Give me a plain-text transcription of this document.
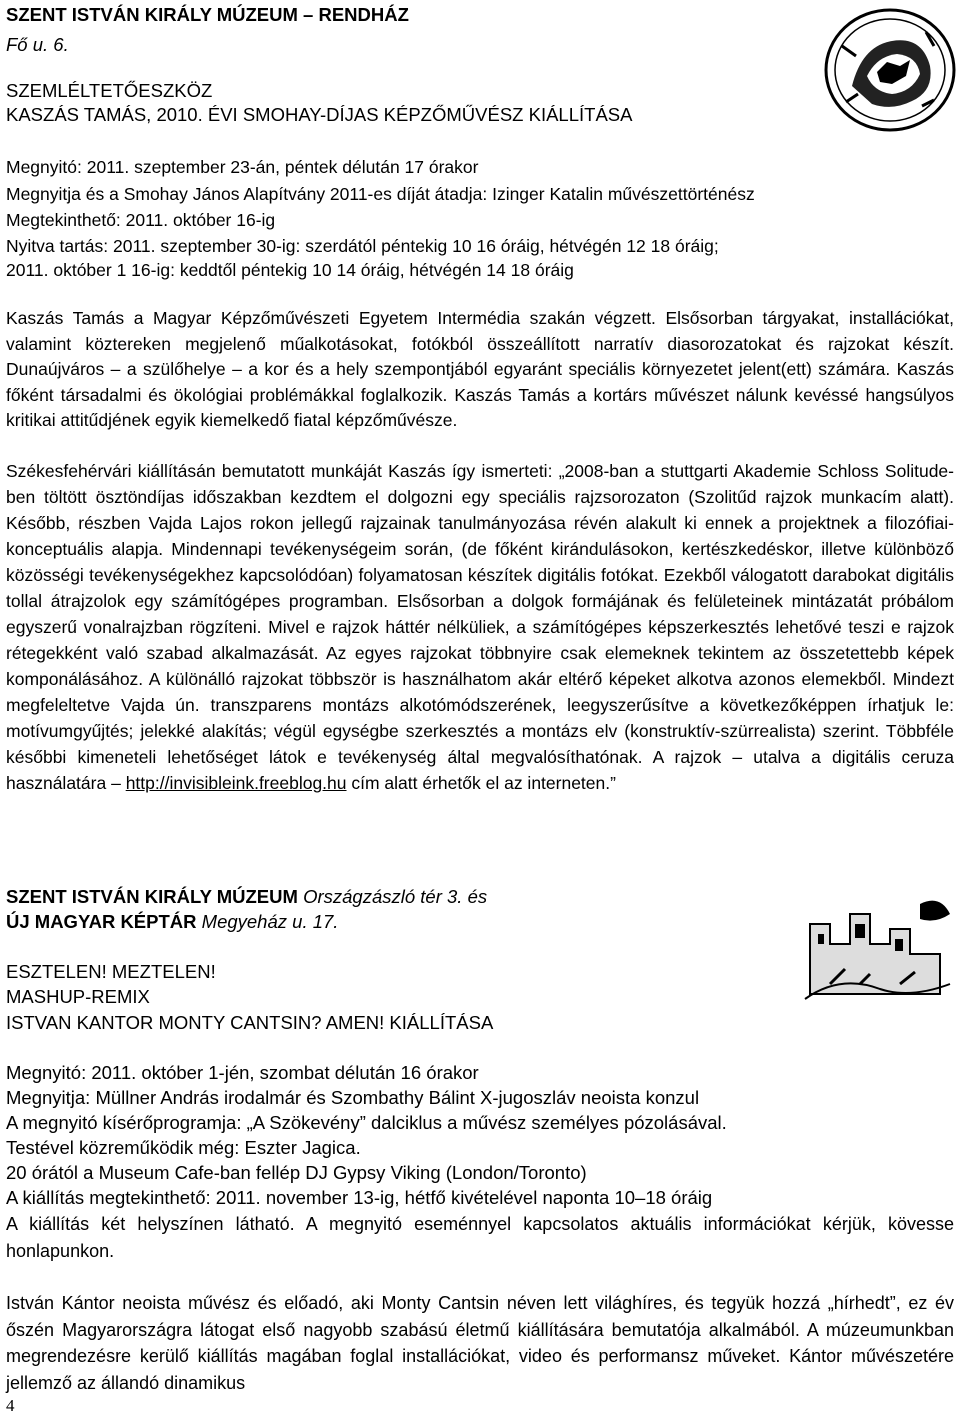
SZENT ISTVÁN KIRÁLY MÚZEUM – RENDHÁZ
Fő u. 6.
SZEMLÉLTETŐESZKÖZ
KASZÁS TAMÁS, 2010. ÉVI SMOHAY-DÍJAS KÉPZŐMŰVÉSZ KIÁLLÍTÁSA
Megnyitó: 2011. szeptember 23-án, péntek délután 17 órakor
Megnyitja és a Smohay János Alapítvány 2011-es díját átadja: Izinger Katalin művészettörténész
Megtekinthető: 2011. október 16-ig
Nyitva tartás: 2011. szeptember 30-ig: szerdától péntekig 10 16 óráig, hétvégén 12 18 óráig;
2011. október 1 16-ig: keddtől péntekig 10 14 óráig, hétvégén 14 18 óráig
Kaszás Tamás a Magyar Képzőművészeti Egyetem Intermédia szakán végzett. Elsősorban tárgyakat, installációkat, valamint köztereken megjelenő műalkotásokat, fotókból összeállított narratív diasorozatokat és rajzokat készít. Dunaújváros – a szülőhelye – a kor és a hely szempontjából egyaránt speciális környezetet jelent(ett) számára. Kaszás főként társadalmi és ökológiai problémákkal foglalkozik. Kaszás Tamás a kortárs művészet nálunk kevéssé hangsúlyos kritikai attitűdjének egyik kiemelkedő fiatal képzőművésze.
Székesfehérvári kiállításán bemutatott munkáját Kaszás így ismerteti: „2008-ban a stuttgarti Akademie Schloss Solitude-ben töltött ösztöndíjas időszakban kezdtem el dolgozni egy speciális rajzsorozaton (Szolitűd rajzok munkacím alatt). Később, részben Vajda Lajos rokon jellegű rajzainak tanulmányozása révén alakult ki ennek a projektnek a filozófiai-konceptuális alapja. Mindennapi tevékenységeim során, (de főként kirándulásokon, kertészkedéskor, illetve különböző közösségi tevékenységekhez kapcsolódóan) folyamatosan készítek digitális fotókat. Ezekből válogatott darabokat digitális tollal átrajzolok egy számítógépes programban. Elsősorban a dolgok formájának és felületeinek mintázatát próbálom egyszerű vonalrajzban rögzíteni. Mivel e rajzok háttér nélküliek, a számítógépes képszerkesztés lehetővé teszi e rajzok rétegekként való szabad alkalmazását. Az egyes rajzokat többnyire csak elemeknek tekintem az összetettebb képek komponálásához. A különálló rajzokat többször is használhatom akár eltérő képeket alkotva azonos elemekből. Mindezt megfeleltetve Vajda ún. transzparens montázs alkotómódszerének, leegyszerűsítve a következőképpen írhatjuk le: motívumgyűjtés; jelekké alakítás; végül egységbe szerkesztés a montázs elv (konstruktív-szürrealista) szerint. Többféle későbbi kimeneteli lehetőséget látok e tevékenység által megvalósíthatónak. A rajzok – utalva a digitális ceruza használatára – http://invisibleink.freeblog.hu cím alatt érhetők el az interneten.”
SZENT ISTVÁN KIRÁLY MÚZEUM Országzászló tér 3. és
ÚJ MAGYAR KÉPTÁR Megyeház u. 17.
ESZTELEN! MEZTELEN!
MASHUP-REMIX
ISTVAN KANTOR MONTY CANTSIN? AMEN! KIÁLLÍTÁSA
Megnyitó: 2011. október 1-jén, szombat délután 16 órakor
Megnyitja: Müllner András irodalmár és Szombathy Bálint X-jugoszláv neoista konzul
A megnyitó kísérőprogramja: „A Szökevény” dalciklus a művész személyes pózolásával.
Testével közreműködik még: Eszter Jagica.
20 órától a Museum Cafe-ban fellép DJ Gypsy Viking (London/Toronto)
A kiállítás megtekinthető: 2011. november 13-ig, hétfő kivételével naponta 10–18 óráig
A kiállítás két helyszínen látható. A megnyitó eseménnyel kapcsolatos aktuális információkat kérjük, kövesse honlapunkon.
István Kántor neoista művész és előadó, aki Monty Cantsin néven lett világhíres, és tegyük hozzá „hírhedt”, ez év őszén Magyarországra látogat első nagyobb szabású életmű kiállítására bemutatója alkalmából. A múzeumunkban megrendezésre kerülő kiállítás magában foglal installációkat, video és performansz műveket. Kántor művészetére jellemző az állandó dinamikus
4
